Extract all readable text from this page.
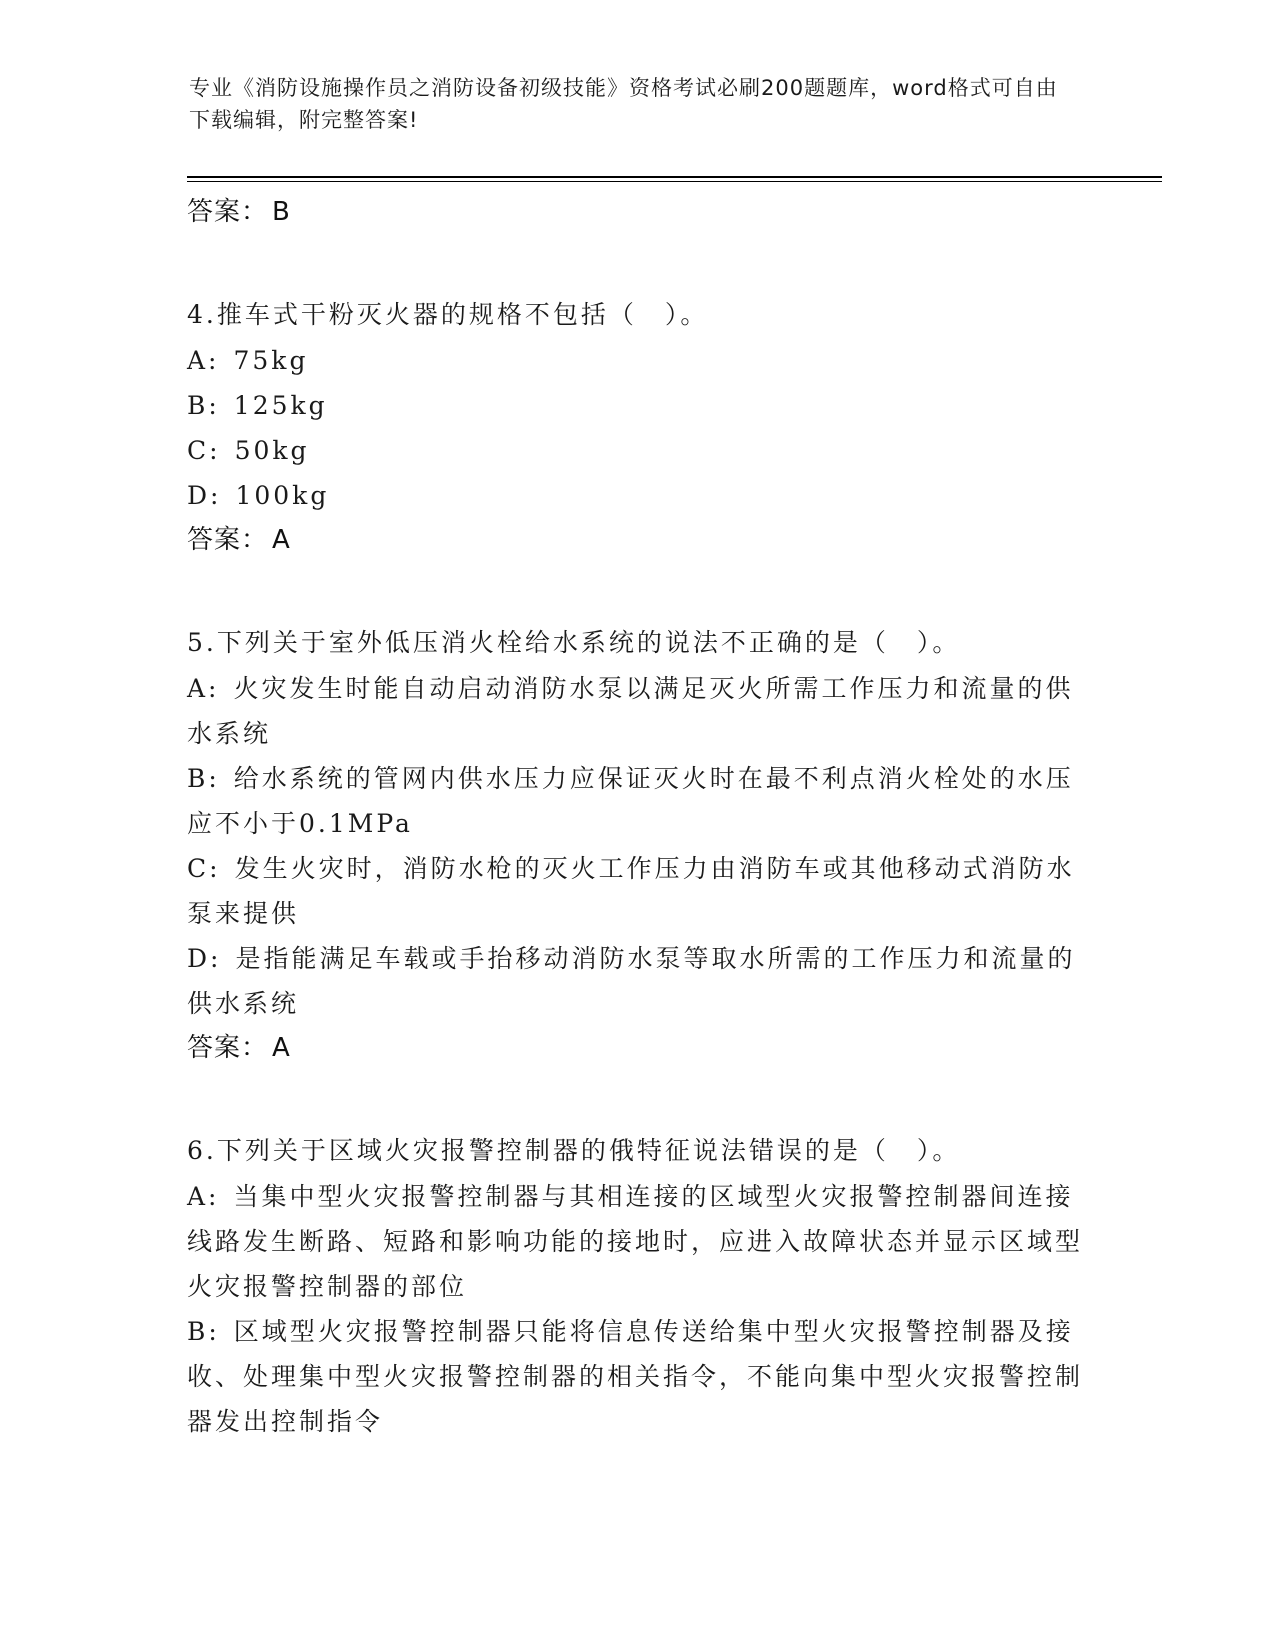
专业《消防设施操作员之消防设备初级技能》资格考试必刷200题题库，word格式可自由下载编辑，附完整答案!
答案： B
4.推车式干粉灭火器的规格不包括（　）。
A: 75kg
B: 125kg
C: 50kg
D: 100kg
答案： A
5.下列关于室外低压消火栓给水系统的说法不正确的是（　）。
A: 火灾发生时能自动启动消防水泵以满足灭火所需工作压力和流量的供水系统
B: 给水系统的管网内供水压力应保证灭火时在最不利点消火栓处的水压应不小于0.1MPa
C: 发生火灾时，消防水枪的灭火工作压力由消防车或其他移动式消防水泵来提供
D: 是指能满足车载或手抬移动消防水泵等取水所需的工作压力和流量的供水系统
答案： A
6.下列关于区域火灾报警控制器的俄特征说法错误的是（　）。
A: 当集中型火灾报警控制器与其相连接的区域型火灾报警控制器间连接线路发生断路、短路和影响功能的接地时，应进入故障状态并显示区域型火灾报警控制器的部位
B: 区域型火灾报警控制器只能将信息传送给集中型火灾报警控制器及接收、处理集中型火灾报警控制器的相关指令，不能向集中型火灾报警控制器发出控制指令
